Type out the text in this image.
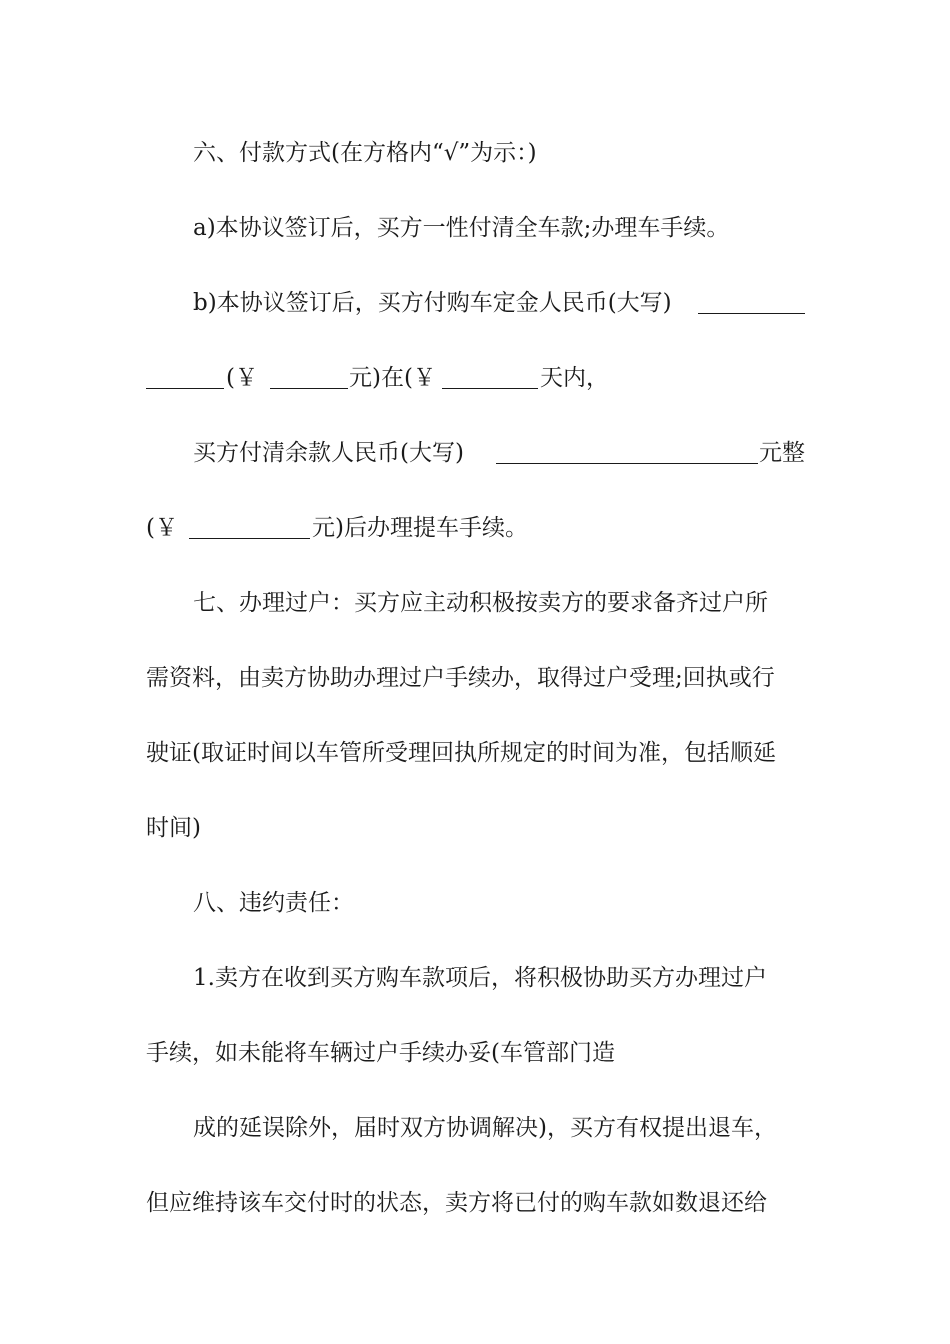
六、付款方式(在方格内“√”为示：)
a)本协议签订后，买方一性付清全车款;办理车手续。
b)本协议签订后，买方付购车定金人民币(大写)
(￥	元)在(￥	天内，
买方付清余款人民币(大写)	元整
(￥	元)后办理提车手续。
七、办理过户：买方应主动积极按卖方的要求备齐过户所
需资料，由卖方协助办理过户手续办，取得过户受理;回执或行
驶证(取证时间以车管所受理回执所规定的时间为准，包括顺延
时间)
八、违约责任：
1.卖方在收到买方购车款项后，将积极协助买方办理过户
手续，如未能将车辆过户手续办妥(车管部门造
成的延误除外，届时双方协调解决)，买方有权提出退车，
但应维持该车交付时的状态，卖方将已付的购车款如数退还给
